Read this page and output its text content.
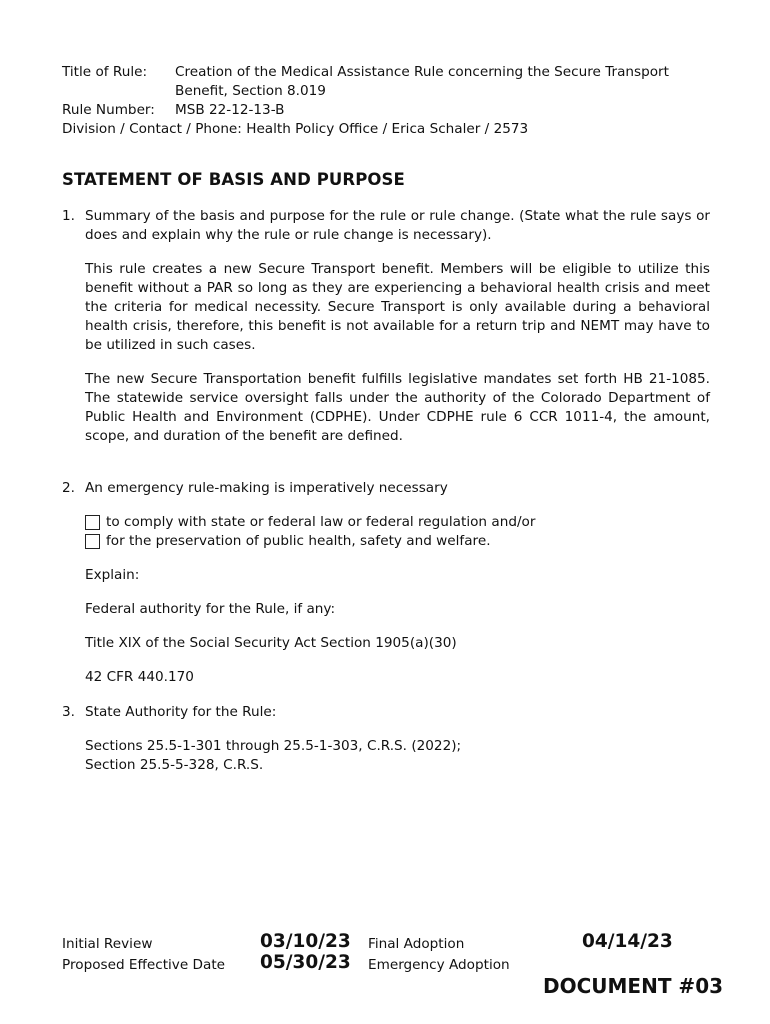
Title of Rule:	Creation of the Medical Assistance Rule concerning the Secure Transport
Benefit, Section 8.019
Rule Number:	MSB 22-12-13-B
Division / Contact / Phone: Health Policy Office / Erica Schaler / 2573
STATEMENT OF BASIS AND PURPOSE
1. Summary of the basis and purpose for the rule or rule change. (State what the rule says or does and explain why the rule or rule change is necessary).

This rule creates a new Secure Transport benefit. Members will be eligible to utilize this benefit without a PAR so long as they are experiencing a behavioral health crisis and meet the criteria for medical necessity. Secure Transport is only available during a behavioral health crisis, therefore, this benefit is not available for a return trip and NEMT may have to be utilized in such cases.

The new Secure Transportation benefit fulfills legislative mandates set forth HB 21-1085. The statewide service oversight falls under the authority of the Colorado Department of Public Health and Environment (CDPHE). Under CDPHE rule 6 CCR 1011-4, the amount, scope, and duration of the benefit are defined.

2. An emergency rule-making is imperatively necessary

to comply with state or federal law or federal regulation and/or
for the preservation of public health, safety and welfare.

Explain:

Federal authority for the Rule, if any:

Title XIX of the Social Security Act Section 1905(a)(30)

42 CFR 440.170

3. State Authority for the Rule:

Sections 25.5-1-301 through 25.5-1-303, C.R.S. (2022);
Section 25.5-5-328, C.R.S.
Initial Review	03/10/23 Final Adoption	04/14/23
Proposed Effective Date 05/30/23 Emergency Adoption
DOCUMENT #03
